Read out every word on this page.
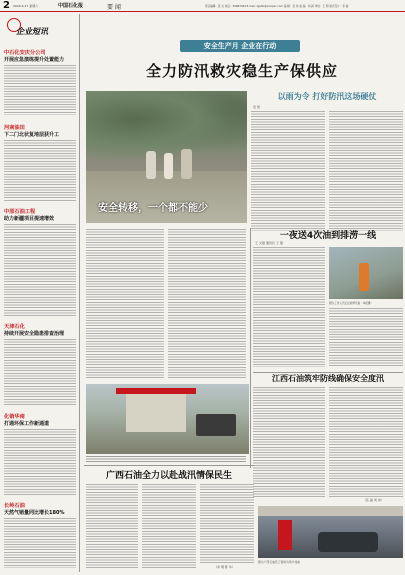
2 2020.6.27 星期六	中国石化报	要 闻	责任编辑：张 文 电话：59963394 E-mail: zgshb@sinopec.com 编 辑：吴 伟 美 编：刘 颖 审校：王 明 版式设计：李 丽
企业短讯
中石化安庆分公司
开展应急演练提升处置能力
河南油田
下二门北状复地层获升工
中原石油工程
助力新疆项目提速增效
天津石化
持续开展安全隐患排查治理
化销华南
打通环保工作新通道
长岭石油
天然气销量同比增长180%
安全生产月 企业在行动
全力防汛救灾稳生产保供应
安全转移，一个都不能少
以雨为令 打好防汛这场硬仗
吴 凯
一夜送4次油到排涝一线
王 文强 通讯员 王 强
图为工作人员正在检修设备（本报摄）
江西石油筑牢防线确保安全度汛
（张 磊 刘 伟）
广西石油全力以赴战汛情保民生
（李 明 陈 华）
图为广西石油员工冒雨为用户加油
